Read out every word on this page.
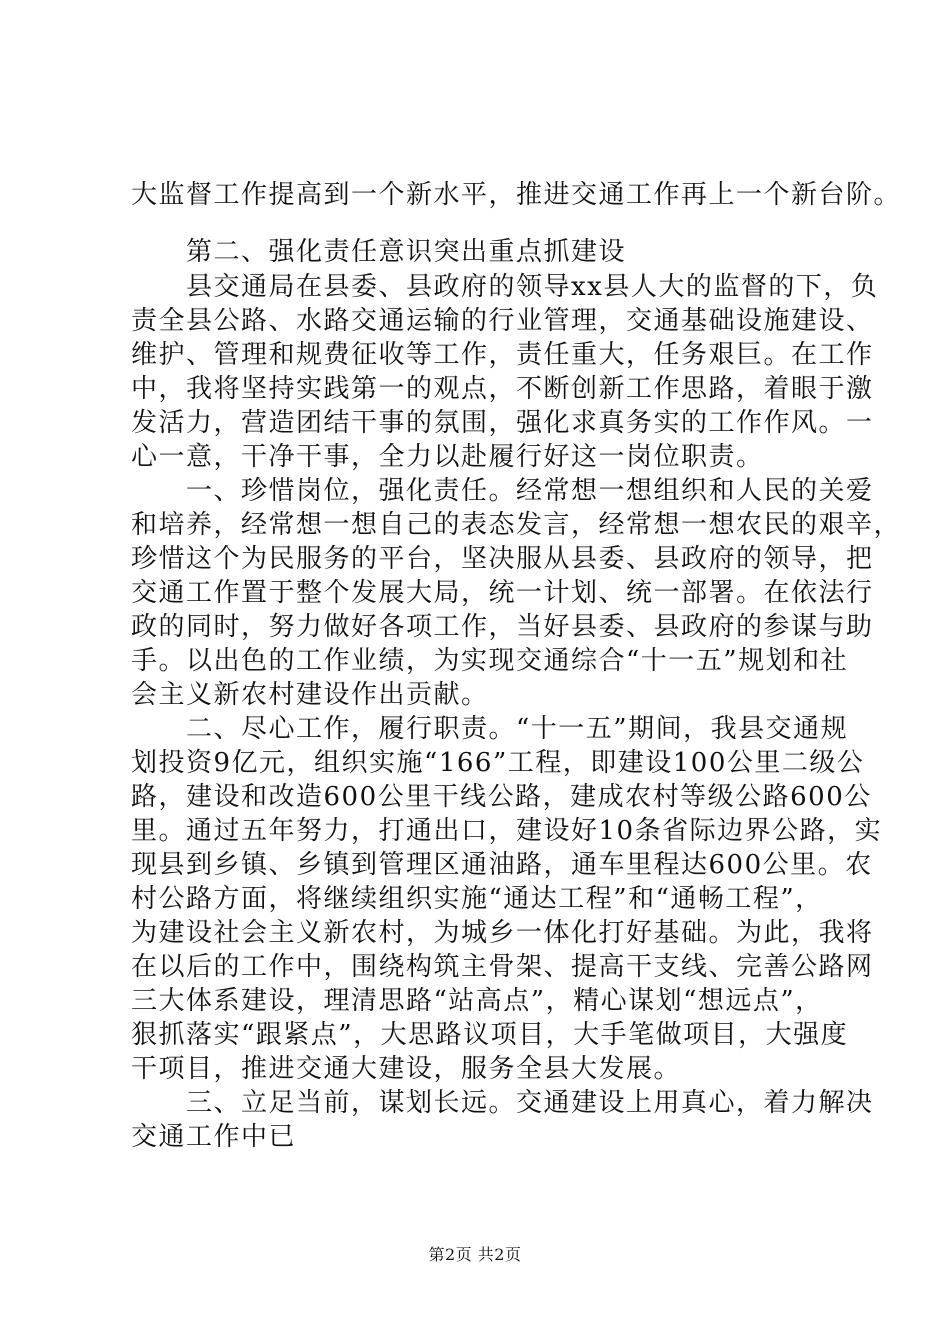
大监督工作提高到一个新水平，推进交通工作再上一个新台阶。
　　第二、强化责任意识突出重点抓建设
　　县交通局在县委、县政府的领导xx县人大的监督的下，负
责全县公路、水路交通运输的行业管理，交通基础设施建设、
维护、管理和规费征收等工作，责任重大，任务艰巨。在工作
中，我将坚持实践第一的观点，不断创新工作思路，着眼于激
发活力，营造团结干事的氛围，强化求真务实的工作作风。一
心一意，干净干事，全力以赴履行好这一岗位职责。
　　一、珍惜岗位，强化责任。经常想一想组织和人民的关爱
和培养，经常想一想自己的表态发言，经常想一想农民的艰辛，
珍惜这个为民服务的平台，坚决服从县委、县政府的领导，把
交通工作置于整个发展大局，统一计划、统一部署。在依法行
政的同时，努力做好各项工作，当好县委、县政府的参谋与助
手。以出色的工作业绩，为实现交通综合“十一五”规划和社
会主义新农村建设作出贡献。
　　二、尽心工作，履行职责。“十一五”期间，我县交通规
划投资9亿元，组织实施“166”工程，即建设100公里二级公
路，建设和改造600公里干线公路，建成农村等级公路600公
里。通过五年努力，打通出口，建设好10条省际边界公路，实
现县到乡镇、乡镇到管理区通油路，通车里程达600公里。农
村公路方面，将继续组织实施“通达工程”和“通畅工程”，
为建设社会主义新农村，为城乡一体化打好基础。为此，我将
在以后的工作中，围绕构筑主骨架、提高干支线、完善公路网
三大体系建设，理清思路“站高点”，精心谋划“想远点”，
狠抓落实“跟紧点”，大思路议项目，大手笔做项目，大强度
干项目，推进交通大建设，服务全县大发展。
　　三、立足当前，谋划长远。交通建设上用真心，着力解决
交通工作中已
第2页 共2页
